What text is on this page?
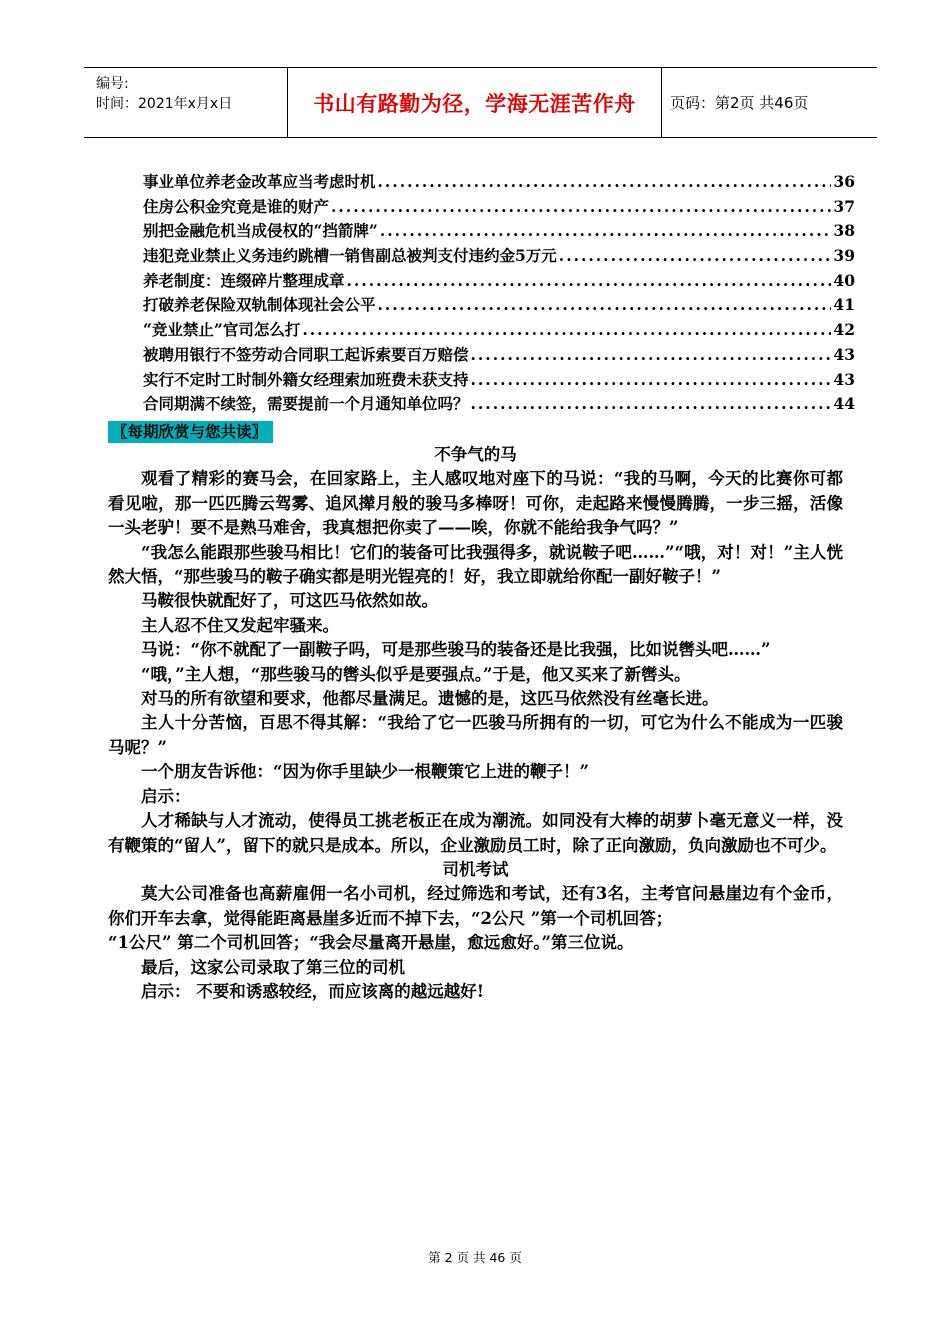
编号:
时间：2021年x月x日	书山有路勤为径，学海无涯苦作舟 页码：第2页 共46页
事业单位养老金改革应当考虑时机 .....	36
住房公积金究竟是谁的财产 .....	37
别把金融危机当成侵权的“挡箭牌” .....	38
违犯竞业禁止义务违约跳槽一销售副总被判支付违约金5万元 .....	39
养老制度：连缀碎片整理成章 .....	40
打破养老保险双轨制体现社会公平 .....	41
“竞业禁止”官司怎么打 .....	42
被聘用银行不签劳动合同职工起诉索要百万赔偿 .....	43
实行不定时工时制外籍女经理索加班费未获支持 .....	43
合同期满不续签，需要提前一个月通知单位吗？ .....	44
〖每期欣赏与您共读〗

不争气的马

观看了精彩的赛马会，在回家路上，主人感叹地对座下的马说：“我的马啊，今天的比赛你可都看见啦，那一匹匹腾云驾雾、追风撵月般的骏马多棒呀！可你，走起路来慢慢腾腾，一步三摇，活像一头老驴！要不是熟马难舍，我真想把你卖了——唉，你就不能给我争气吗？”

“我怎么能跟那些骏马相比！它们的装备可比我强得多，就说鞍子吧……”“哦，对！对！”主人恍然大悟，“那些骏马的鞍子确实都是明光锃亮的！好，我立即就给你配一副好鞍子！”

马鞍很快就配好了，可这匹马依然如故。

主人忍不住又发起牢骚来。

马说：“你不就配了一副鞍子吗，可是那些骏马的装备还是比我强，比如说辔头吧……”

“哦，”主人想，“那些骏马的辔头似乎是要强点。”于是，他又买来了新辔头。

对马的所有欲望和要求，他都尽量满足。遗憾的是，这匹马依然没有丝毫长进。

主人十分苦恼，百思不得其解：“我给了它一匹骏马所拥有的一切，可它为什么不能成为一匹骏马呢？”

一个朋友告诉他：“因为你手里缺少一根鞭策它上进的鞭子！”

启示：

人才稀缺与人才流动，使得员工挑老板正在成为潮流。如同没有大棒的胡萝卜毫无意义一样，没有鞭策的“留人”，留下的就只是成本。所以，企业激励员工时，除了正向激励，负向激励也不可少。

司机考试

莫大公司准备也高薪雇佣一名小司机，经过筛选和考试，还有3名，主考官问悬崖边有个金币，你们开车去拿，觉得能距离悬崖多近而不掉下去，“2公尺 ”第一个司机回答；

“1公尺” 第二个司机回答；“我会尽量离开悬崖，愈远愈好。”第三位说。

最后，这家公司录取了第三位的司机

启示： 不要和诱惑较经，而应该离的越远越好!

第 2 页 共 46 页
